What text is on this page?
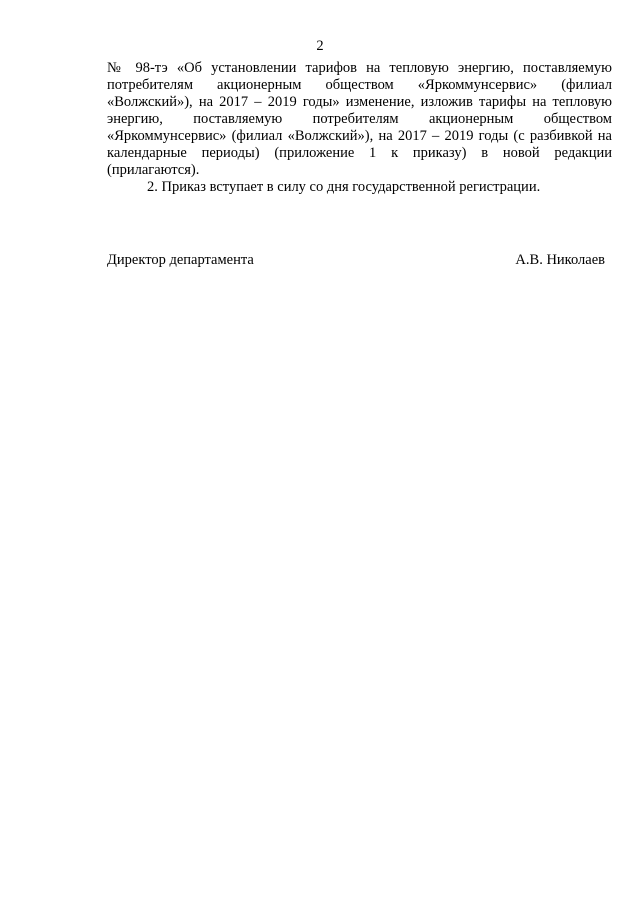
2

№ 98-тэ «Об установлении тарифов на тепловую энергию, поставляемую потребителям акционерным обществом «Яркоммунсервис» (филиал «Волжский»), на 2017 – 2019 годы» изменение, изложив тарифы на тепловую энергию, поставляемую потребителям акционерным обществом «Яркоммунсервис» (филиал «Волжский»), на 2017 – 2019 годы (с разбивкой на календарные периоды) (приложение 1 к приказу) в новой редакции (прилагаются).

2. Приказ вступает в силу со дня государственной регистрации.

Директор департамента	А.В. Николаев
